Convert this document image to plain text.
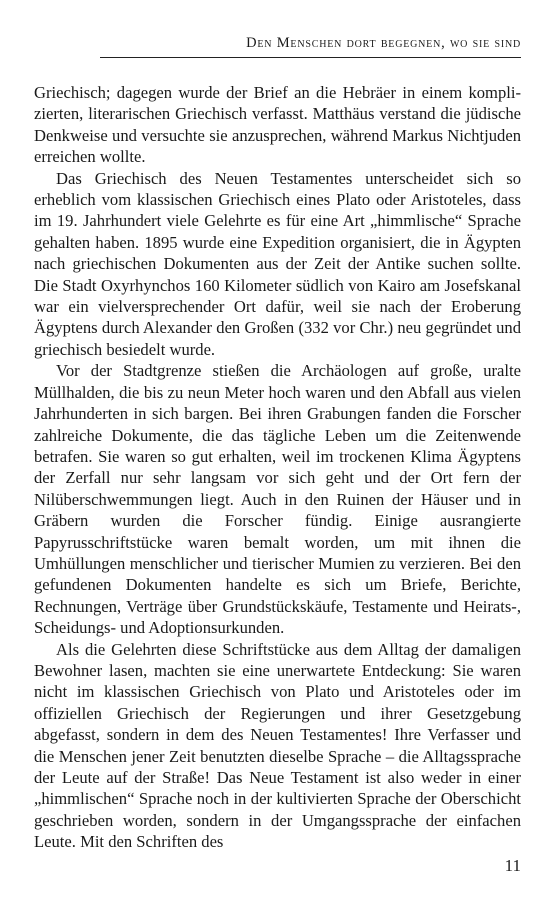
Den Menschen dort begegnen, wo sie sind

Griechisch; dagegen wurde der Brief an die Hebräer in einem komplizierten, literarischen Griechisch verfasst. Matthäus verstand die jüdische Denkweise und versuchte sie anzusprechen, während Markus Nichtjuden erreichen wollte.

Das Griechisch des Neuen Testamentes unterscheidet sich so erheblich vom klassischen Griechisch eines Plato oder Aristoteles, dass im 19. Jahrhundert viele Gelehrte es für eine Art „himmlische“ Sprache gehalten haben. 1895 wurde eine Expedition organisiert, die in Ägypten nach griechischen Dokumenten aus der Zeit der Antike suchen sollte. Die Stadt Oxyrhynchos 160 Kilometer südlich von Kairo am Josefskanal war ein vielversprechender Ort dafür, weil sie nach der Eroberung Ägyptens durch Alexander den Großen (332 vor Chr.) neu gegründet und griechisch besiedelt wurde.

Vor der Stadtgrenze stießen die Archäologen auf große, uralte Müllhalden, die bis zu neun Meter hoch waren und den Abfall aus vielen Jahrhunderten in sich bargen. Bei ihren Grabungen fanden die Forscher zahlreiche Dokumente, die das tägliche Leben um die Zeitenwende betrafen. Sie waren so gut erhalten, weil im trockenen Klima Ägyptens der Zerfall nur sehr langsam vor sich geht und der Ort fern der Nilüberschwemmungen liegt. Auch in den Ruinen der Häuser und in Gräbern wurden die Forscher fündig. Einige ausrangierte Papyrusschriftstücke waren bemalt worden, um mit ihnen die Umhüllungen menschlicher und tierischer Mumien zu verzieren. Bei den gefundenen Dokumenten handelte es sich um Briefe, Berichte, Rechnungen, Verträge über Grundstückskäufe, Testamente und Heirats-, Scheidungs- und Adoptionsurkunden.

Als die Gelehrten diese Schriftstücke aus dem Alltag der damaligen Bewohner lasen, machten sie eine unerwartete Entdeckung: Sie waren nicht im klassischen Griechisch von Plato und Aristoteles oder im offiziellen Griechisch der Regierungen und ihrer Gesetzgebung abgefasst, sondern in dem des Neuen Testamentes! Ihre Verfasser und die Menschen jener Zeit benutzten dieselbe Sprache – die Alltagssprache der Leute auf der Straße! Das Neue Testament ist also weder in einer „himmlischen“ Sprache noch in der kultivierten Sprache der Oberschicht geschrieben worden, sondern in der Umgangssprache der einfachen Leute. Mit den Schriften des

11
